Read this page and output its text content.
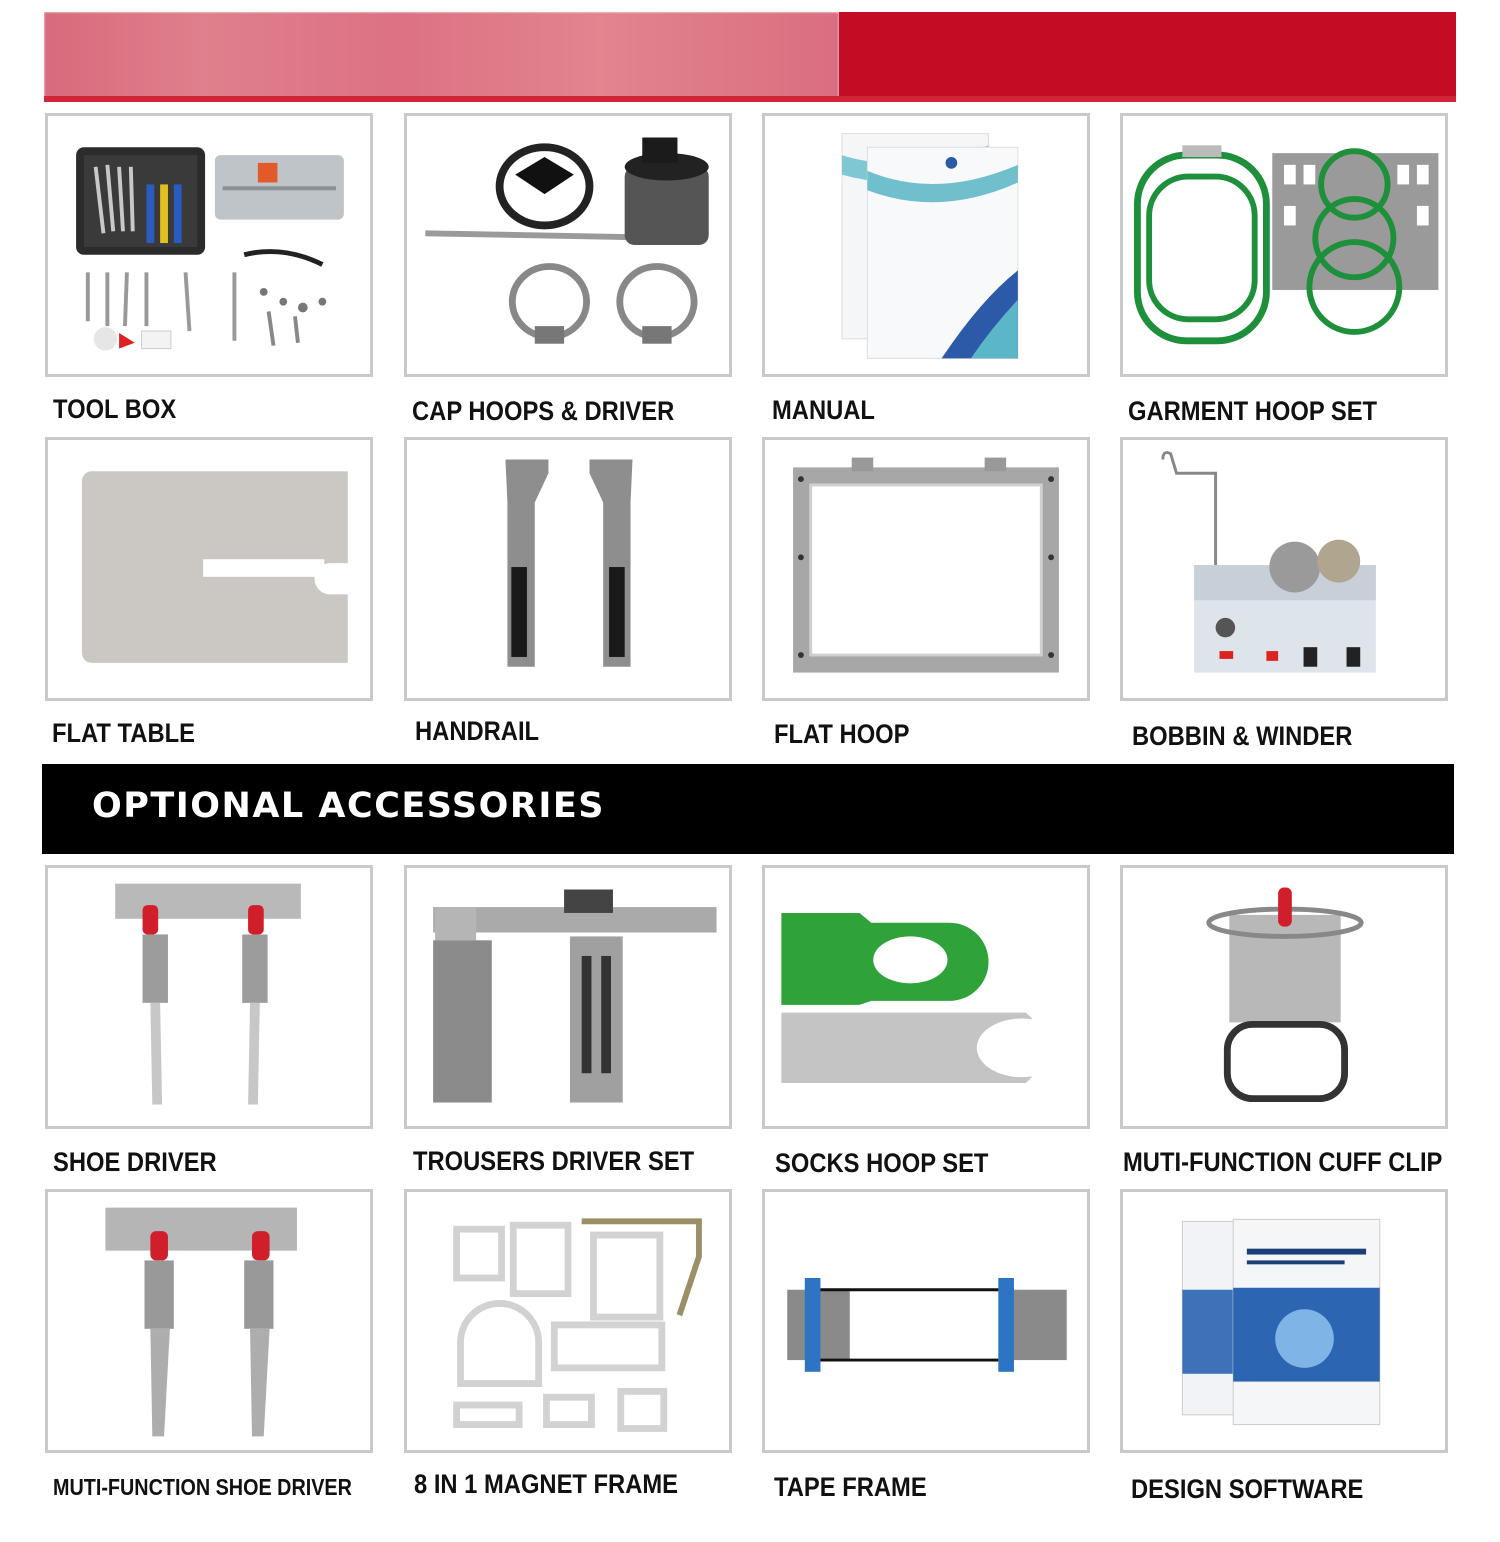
TOOL BOX	CAP HOOPS & DRIVER	MANUAL	GARMENT HOOP SET
FLAT TABLE	HANDRAIL	FLAT HOOP	BOBBIN & WINDER
OPTIONAL ACCESSORIES
SHOE DRIVER	TROUSERS DRIVER SET	SOCKS HOOP SET	MUTI-FUNCTION CUFF CLIP
MUTI-FUNCTION SHOE DRIVER 8 IN 1 MAGNET FRAME	TAPE FRAME	DESIGN SOFTWARE
